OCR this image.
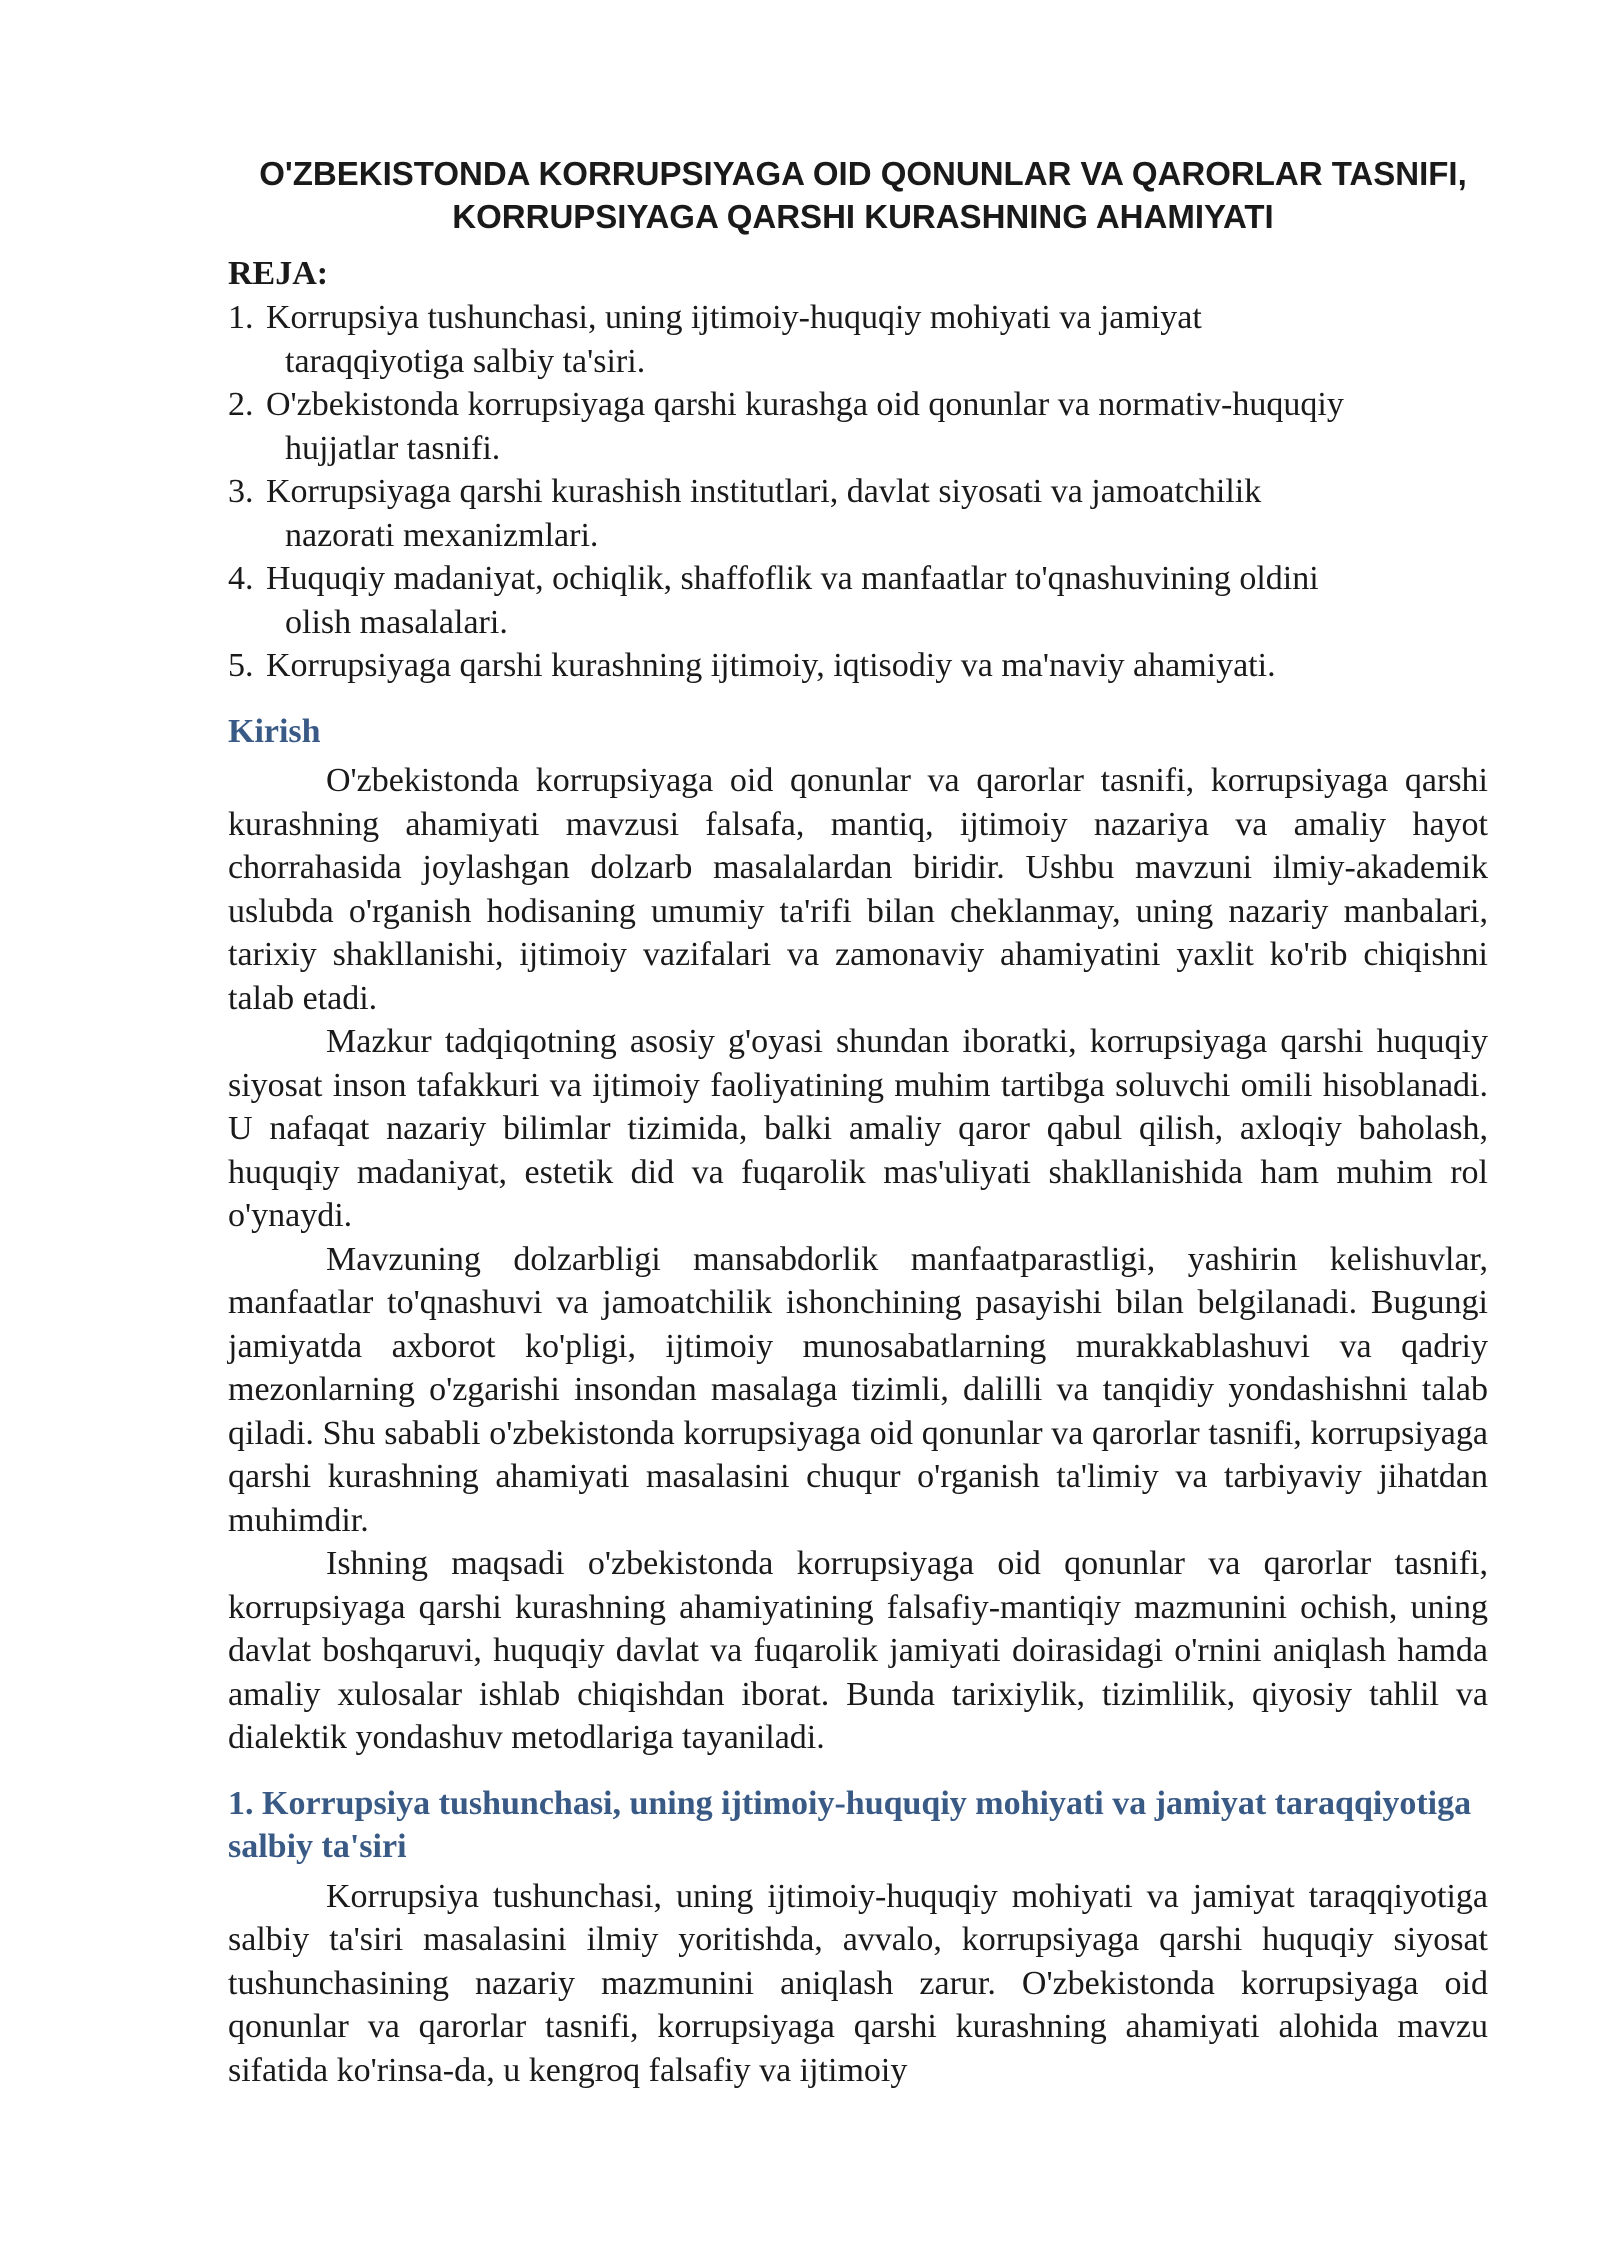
O'ZBEKISTONDA KORRUPSIYAGA OID QONUNLAR VA QARORLAR TASNIFI, KORRUPSIYAGA QARSHI KURASHNING AHAMIYATI
REJA:
1. Korrupsiya tushunchasi, uning ijtimoiy-huquqiy mohiyati va jamiyat
taraqqiyotiga salbiy ta'siri.
2. O'zbekistonda korrupsiyaga qarshi kurashga oid qonunlar va normativ-huquqiy
hujjatlar tasnifi.
3. Korrupsiyaga qarshi kurashish institutlari, davlat siyosati va jamoatchilik
nazorati mexanizmlari.
4. Huquqiy madaniyat, ochiqlik, shaffoflik va manfaatlar to'qnashuvining oldini
olish masalalari.
5. Korrupsiyaga qarshi kurashning ijtimoiy, iqtisodiy va ma'naviy ahamiyati.
Kirish

O'zbekistonda korrupsiyaga oid qonunlar va qarorlar tasnifi, korrupsiyaga qarshi kurashning ahamiyati mavzusi falsafa, mantiq, ijtimoiy nazariya va amaliy hayot chorrahasida joylashgan dolzarb masalalardan biridir. Ushbu mavzuni ilmiy-akademik uslubda o'rganish hodisaning umumiy ta'rifi bilan cheklanmay, uning nazariy manbalari, tarixiy shakllanishi, ijtimoiy vazifalari va zamonaviy ahamiyatini yaxlit ko'rib chiqishni talab etadi.

Mazkur tadqiqotning asosiy g'oyasi shundan iboratki, korrupsiyaga qarshi huquqiy siyosat inson tafakkuri va ijtimoiy faoliyatining muhim tartibga soluvchi omili hisoblanadi. U nafaqat nazariy bilimlar tizimida, balki amaliy qaror qabul qilish, axloqiy baholash, huquqiy madaniyat, estetik did va fuqarolik mas'uliyati shakllanishida ham muhim rol o'ynaydi.

Mavzuning dolzarbligi mansabdorlik manfaatparastligi, yashirin kelishuvlar, manfaatlar to'qnashuvi va jamoatchilik ishonchining pasayishi bilan belgilanadi. Bugungi jamiyatda axborot ko'pligi, ijtimoiy munosabatlarning murakkablashuvi va qadriy mezonlarning o'zgarishi insondan masalaga tizimli, dalilli va tanqidiy yondashishni talab qiladi. Shu sababli o'zbekistonda korrupsiyaga oid qonunlar va qarorlar tasnifi, korrupsiyaga qarshi kurashning ahamiyati masalasini chuqur o'rganish ta'limiy va tarbiyaviy jihatdan muhimdir.

Ishning maqsadi o'zbekistonda korrupsiyaga oid qonunlar va qarorlar tasnifi, korrupsiyaga qarshi kurashning ahamiyatining falsafiy-mantiqiy mazmunini ochish, uning davlat boshqaruvi, huquqiy davlat va fuqarolik jamiyati doirasidagi o'rnini aniqlash hamda amaliy xulosalar ishlab chiqishdan iborat. Bunda tarixiylik, tizimlilik, qiyosiy tahlil va dialektik yondashuv metodlariga tayaniladi.

1. Korrupsiya tushunchasi, uning ijtimoiy-huquqiy mohiyati va jamiyat taraqqiyotiga salbiy ta'siri

Korrupsiya tushunchasi, uning ijtimoiy-huquqiy mohiyati va jamiyat taraqqiyotiga salbiy ta'siri masalasini ilmiy yoritishda, avvalo, korrupsiyaga qarshi huquqiy siyosat tushunchasining nazariy mazmunini aniqlash zarur. O'zbekistonda korrupsiyaga oid qonunlar va qarorlar tasnifi, korrupsiyaga qarshi kurashning ahamiyati alohida mavzu sifatida ko'rinsa-da, u kengroq falsafiy va ijtimoiy
